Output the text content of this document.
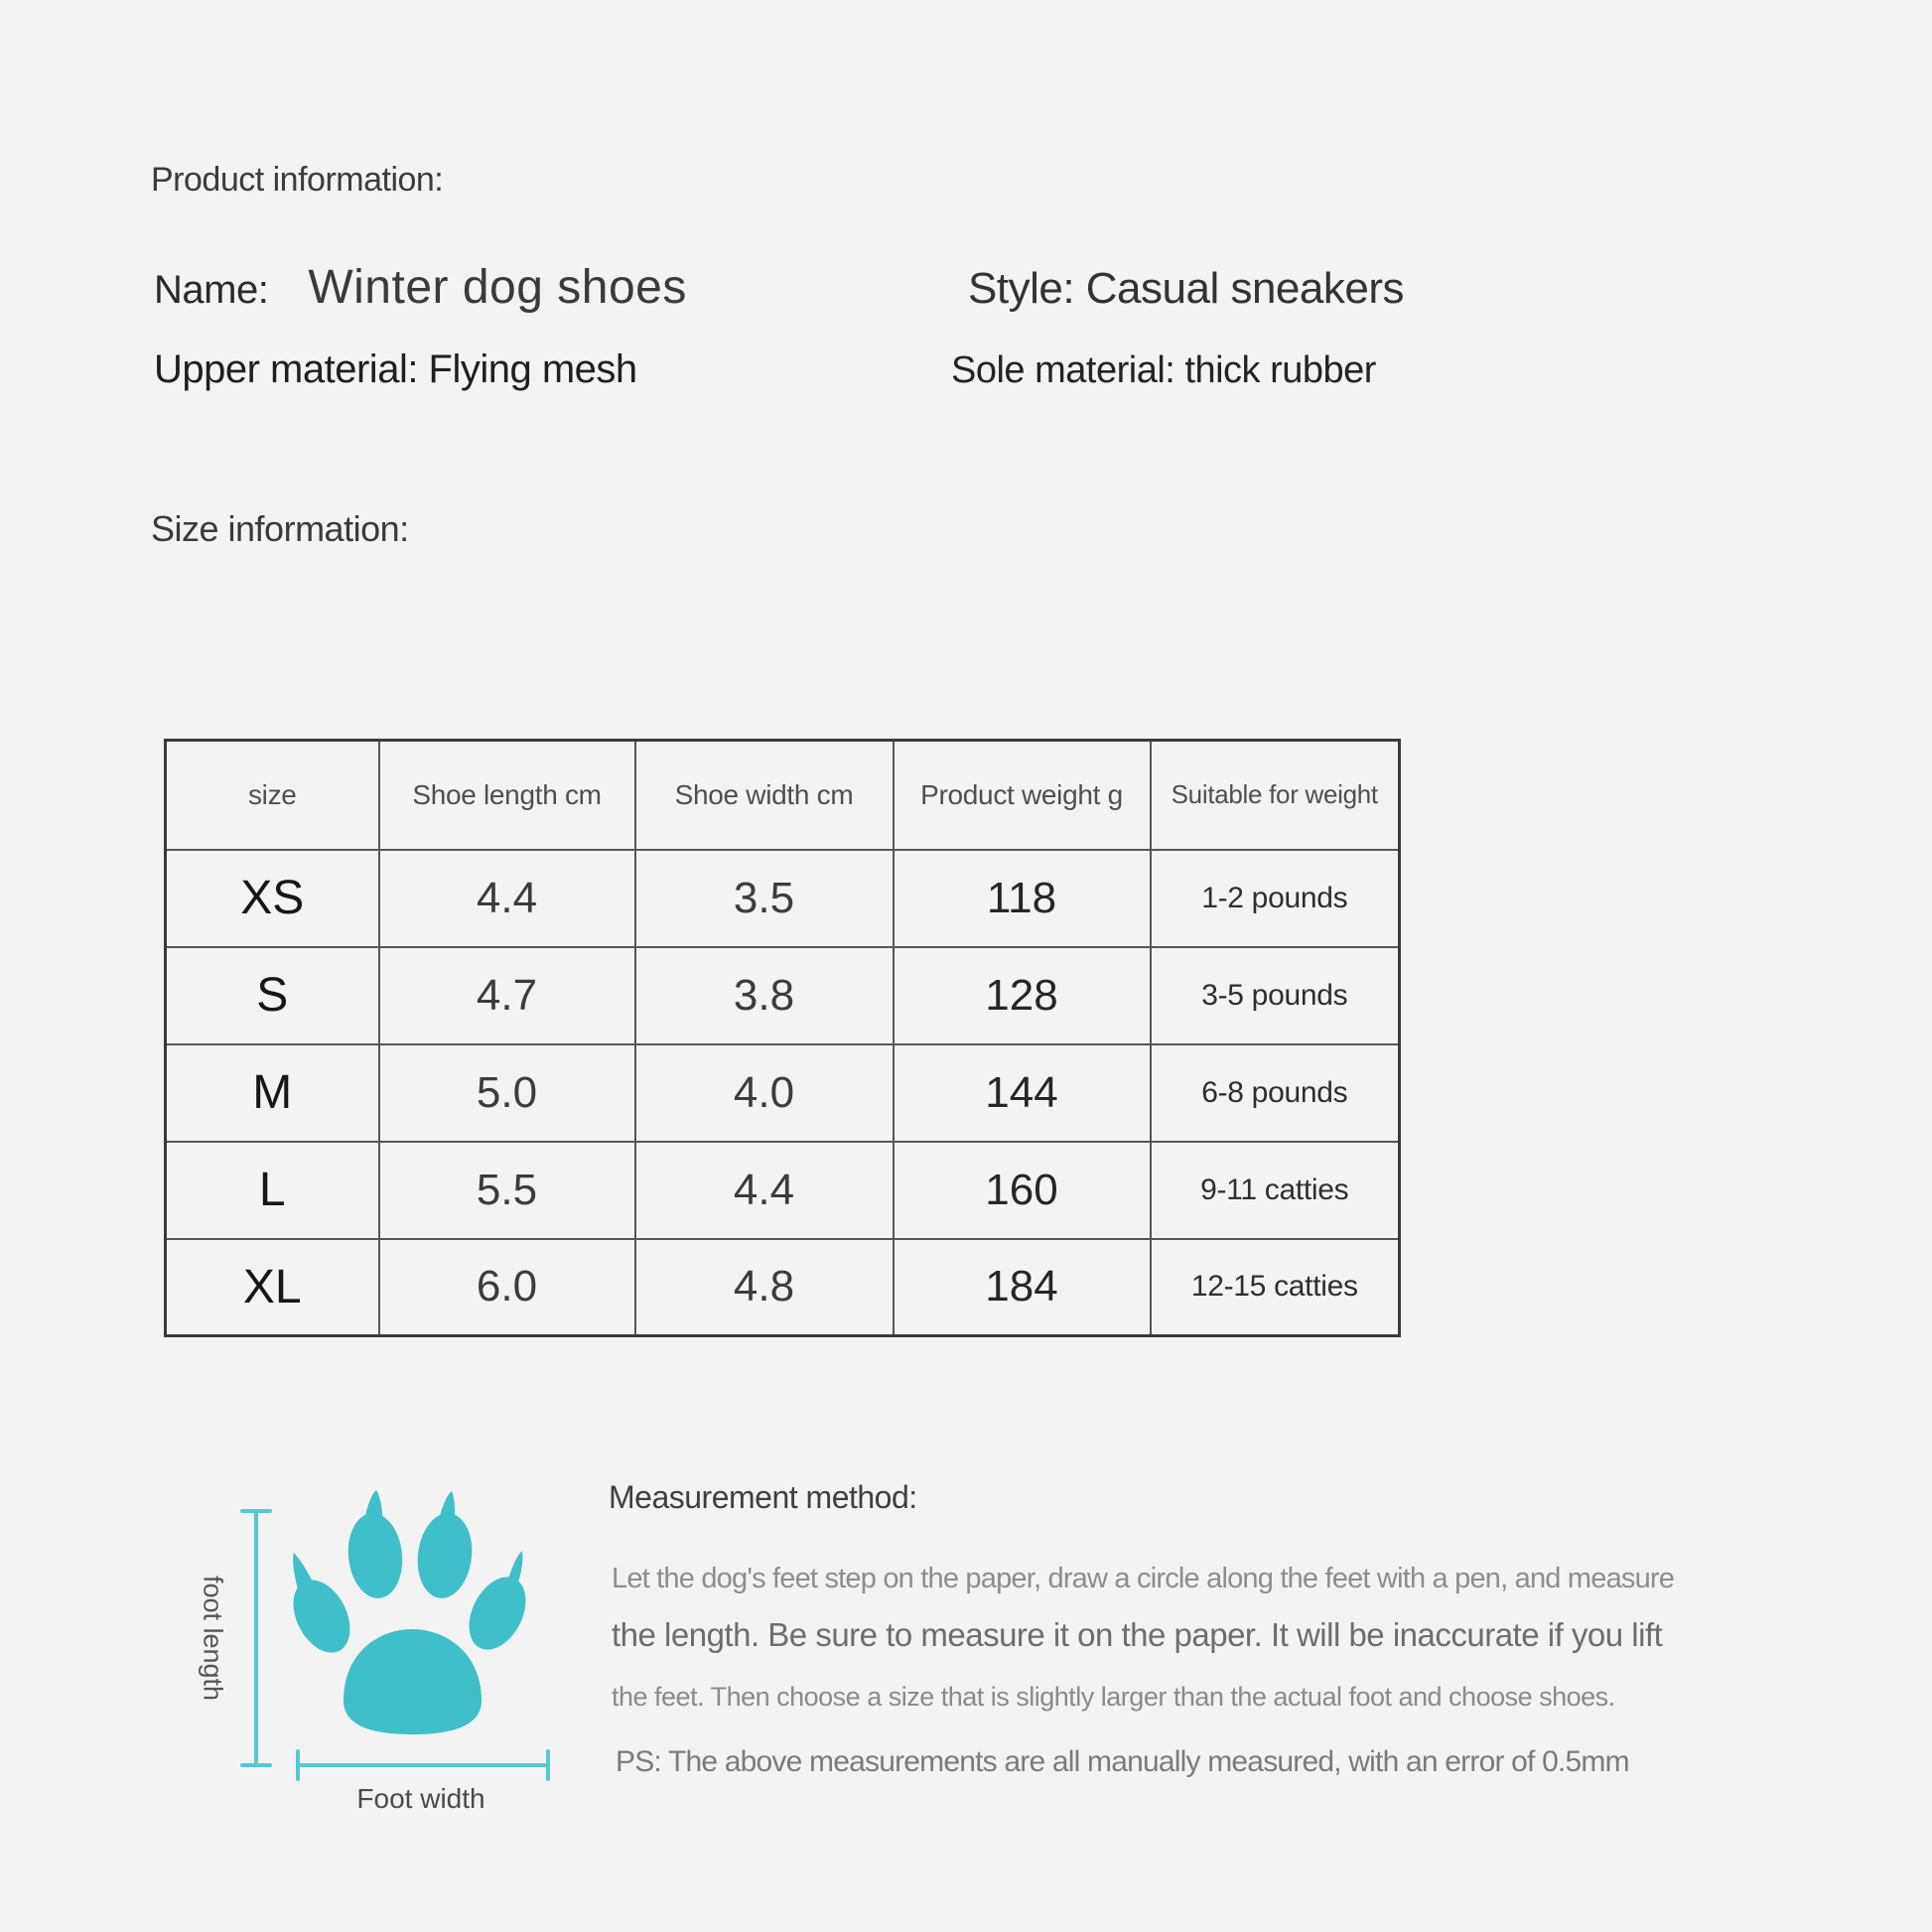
Product information:
Name: Winter dog shoes	Style: Casual sneakers
Upper material: Flying mesh	Sole material: thick rubber
Size information:
size	Shoe length cm	Shoe width cm	Product weight g	Suitable for weight
XS	4.4	3.5	118	1-2 pounds
S	4.7	3.8	128	3-5 pounds
M	5.0	4.0	144	6-8 pounds
L	5.5	4.4	160	9-11 catties
XL	6.0	4.8	184	12-15 catties
foot length
Foot width
Measurement method:
Let the dog's feet step on the paper, draw a circle along the feet with a pen, and measure
the length. Be sure to measure it on the paper. It will be inaccurate if you lift
the feet. Then choose a size that is slightly larger than the actual foot and choose shoes.
PS: The above measurements are all manually measured, with an error of 0.5mm
